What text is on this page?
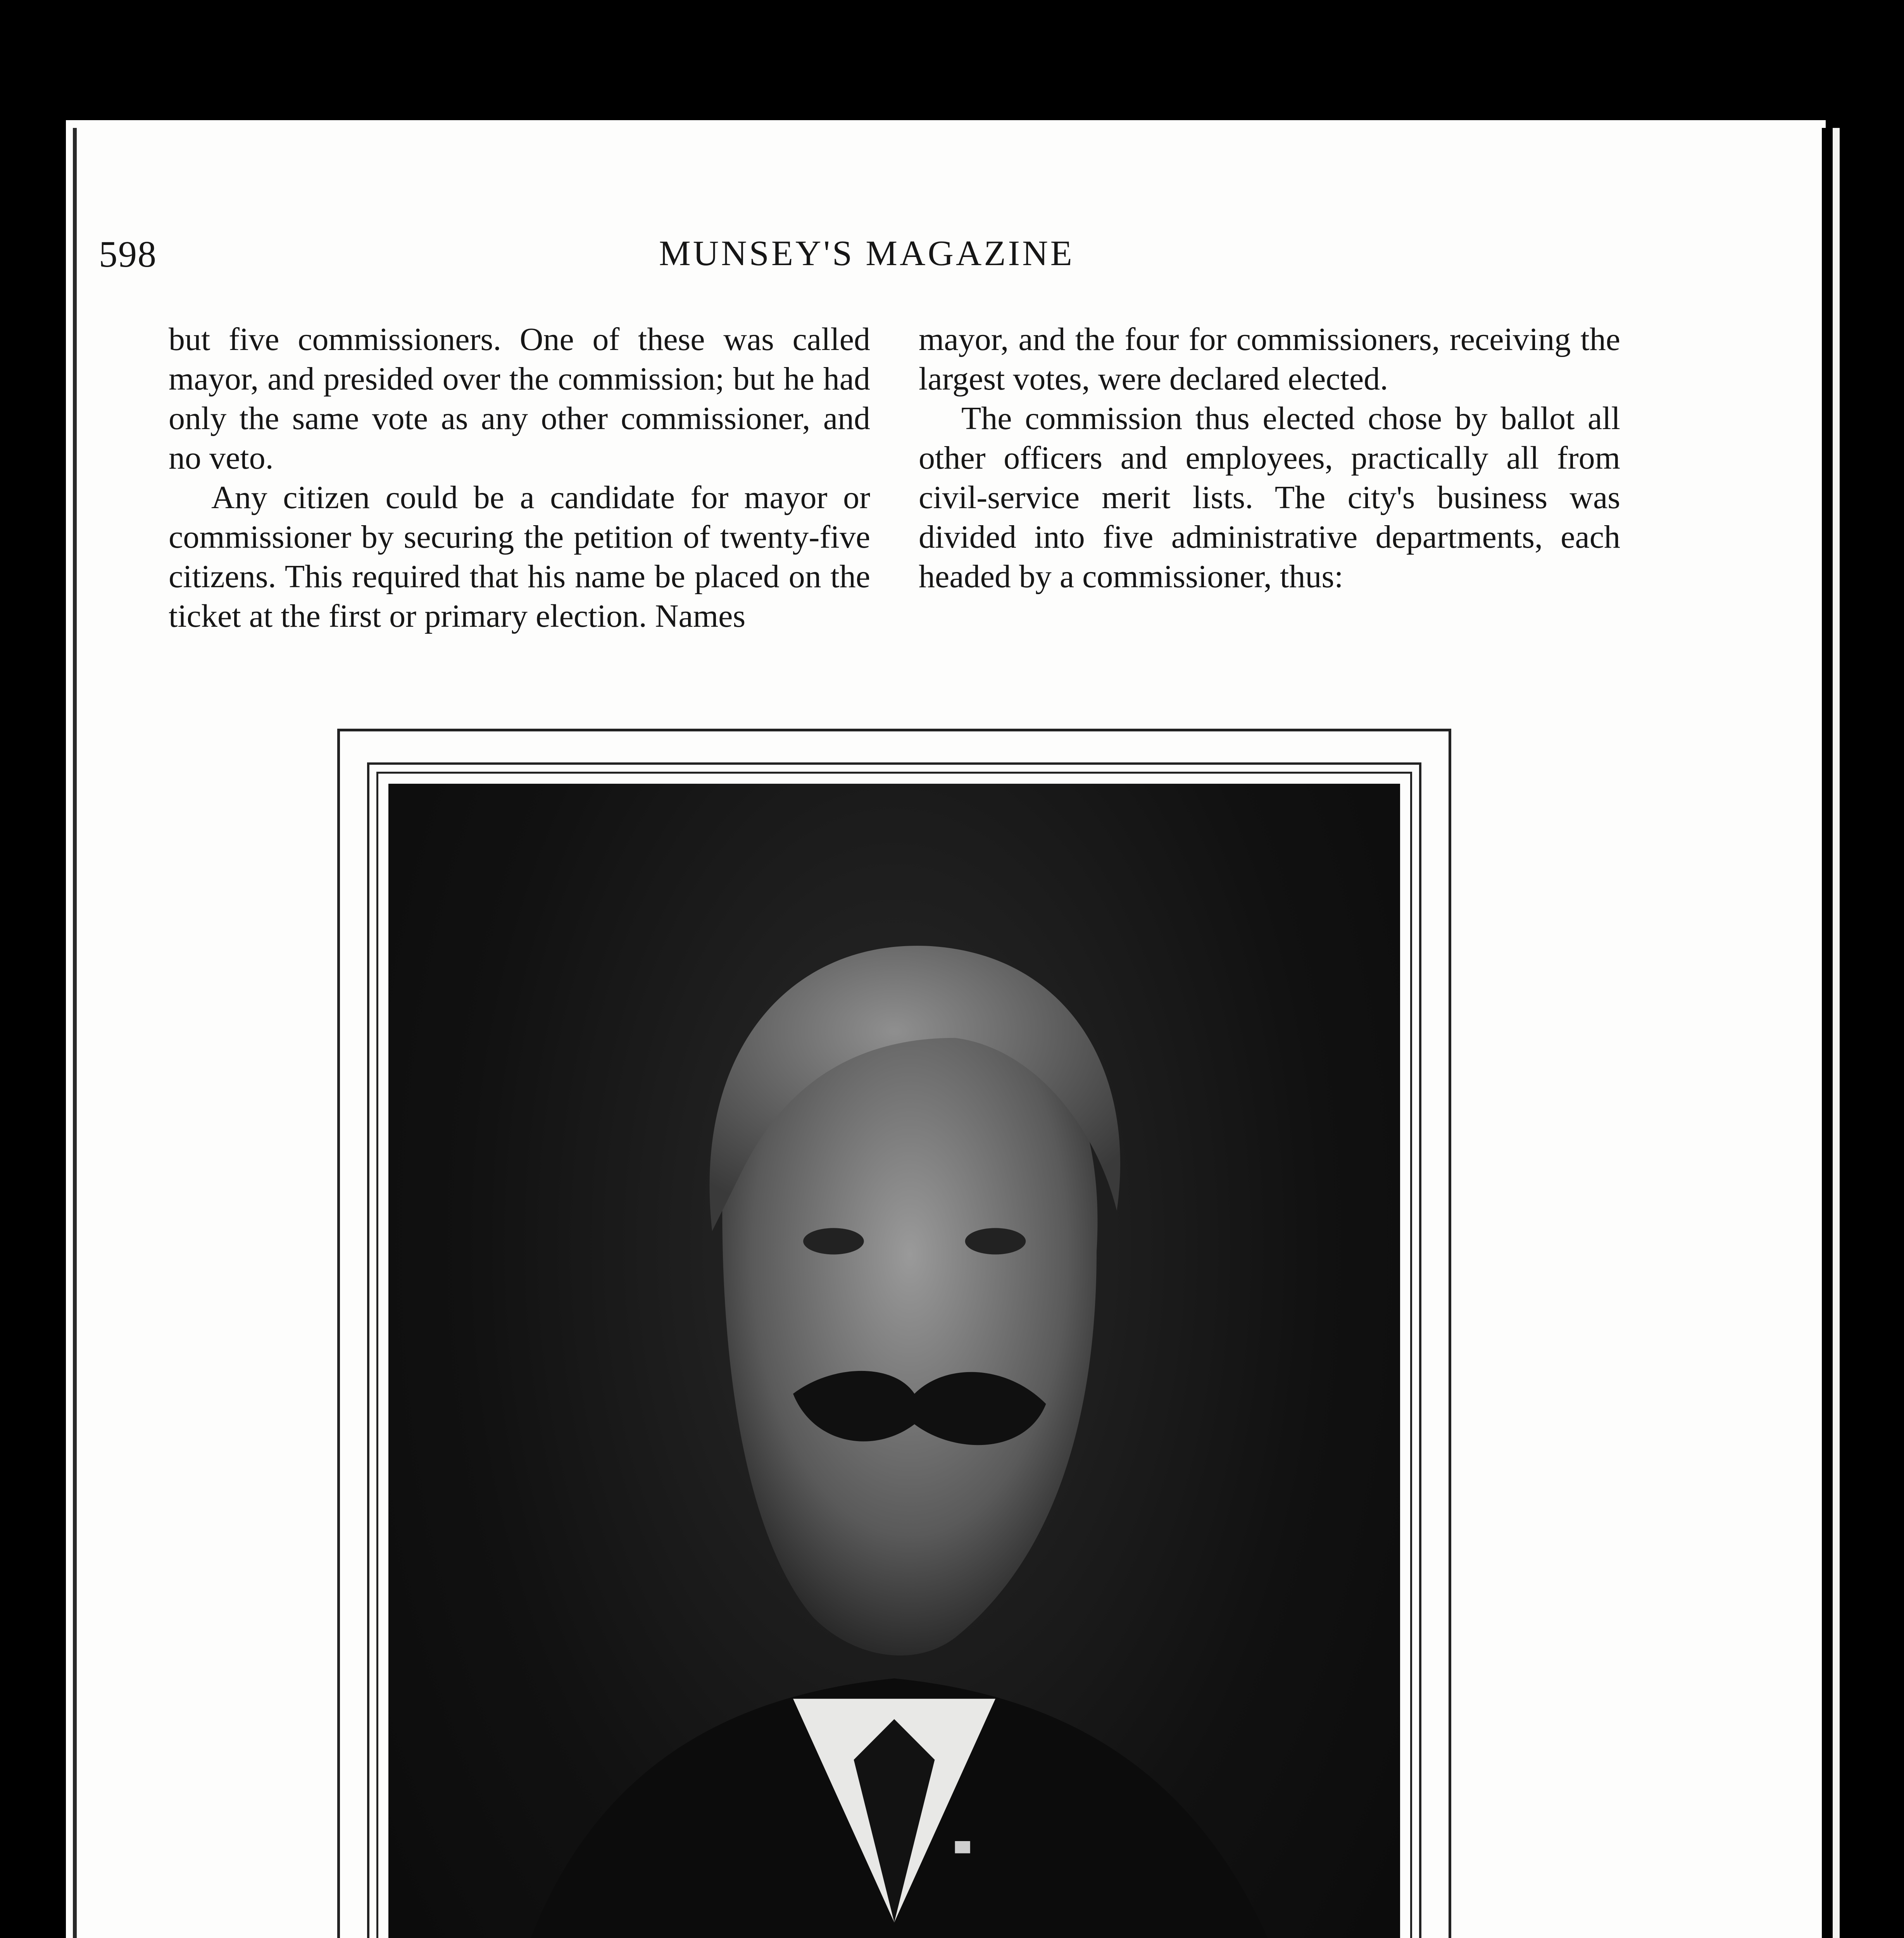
598	MUNSEY'S MAGAZINE

but five commissioners. One of these was called mayor, and presided over the commission; but he had only the same vote as any other commissioner, and no veto.

Any citizen could be a candidate for mayor or commissioner by securing the petition of twenty-five citizens. This required that his name be placed on the ticket at the first or primary election. Names

mayor, and the four for commissioners, receiving the largest votes, were declared elected.

The commission thus elected chose by ballot all other officers and employees, practically all from civil-service merit lists. The city's business was divided into five administrative departments, each headed by a commissioner, thus:
